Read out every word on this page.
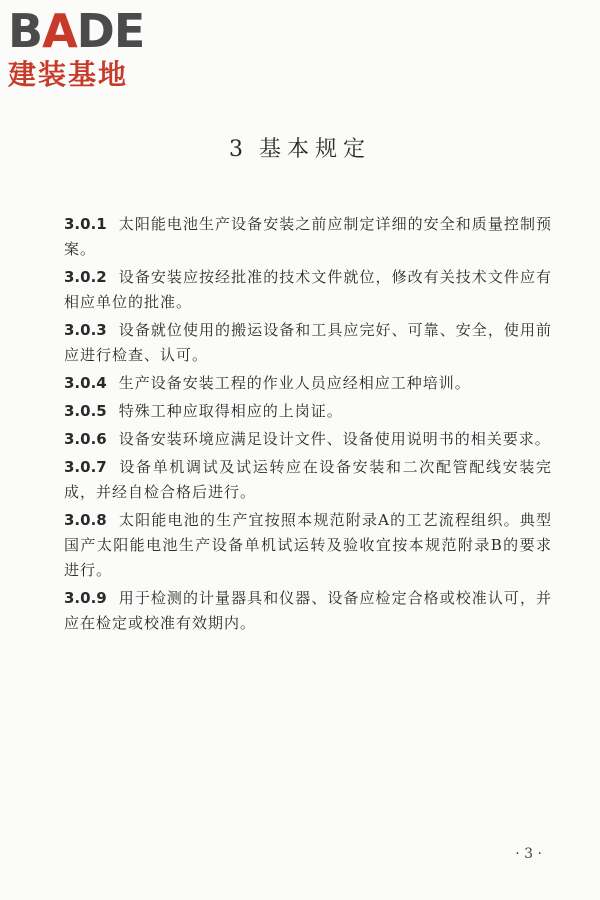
BADE
建装基地
3 基本规定

3.0.1 太阳能电池生产设备安装之前应制定详细的安全和质量控制预案。

3.0.2 设备安装应按经批准的技术文件就位，修改有关技术文件应有相应单位的批准。

3.0.3 设备就位使用的搬运设备和工具应完好、可靠、安全，使用前应进行检查、认可。

3.0.4 生产设备安装工程的作业人员应经相应工种培训。

3.0.5 特殊工种应取得相应的上岗证。

3.0.6 设备安装环境应满足设计文件、设备使用说明书的相关要求。

3.0.7 设备单机调试及试运转应在设备安装和二次配管配线安装完成，并经自检合格后进行。

3.0.8 太阳能电池的生产宜按照本规范附录A的工艺流程组织。典型国产太阳能电池生产设备单机试运转及验收宜按本规范附录B的要求进行。

3.0.9 用于检测的计量器具和仪器、设备应检定合格或校准认可，并应在检定或校准有效期内。

· 3 ·
